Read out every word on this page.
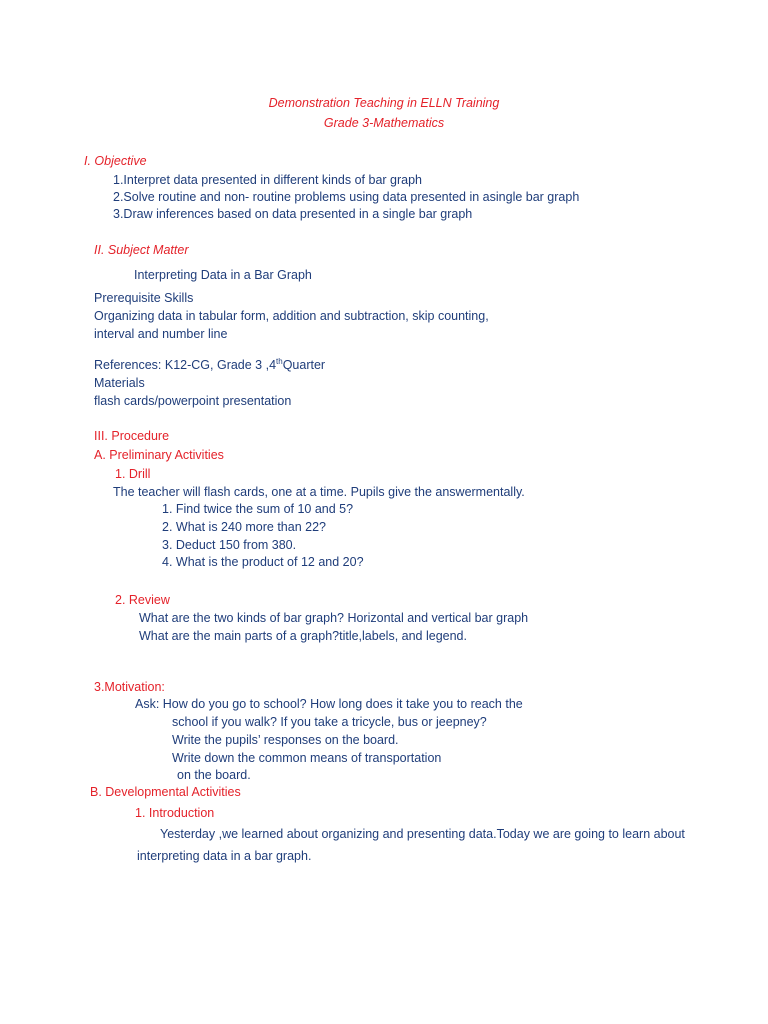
Demonstration Teaching in ELLN Training

Grade 3-Mathematics

I. Objective

1.Interpret data presented in different kinds of bar graph

2.Solve routine and non- routine problems using data presented in asingle bar graph

3.Draw inferences based on data presented in a single bar graph

II. Subject Matter

Interpreting Data in a Bar Graph

Prerequisite Skills

Organizing data in tabular form, addition and subtraction, skip counting,

interval and number line

References: K12-CG, Grade 3 ,4thQuarter

Materials

flash cards/powerpoint presentation

III. Procedure

A. Preliminary Activities

1. Drill

The teacher will flash cards, one at a time. Pupils give the answermentally.

1. Find twice the sum of 10 and 5?

2. What is 240 more than 22?

3. Deduct 150 from 380.

4. What is the product of 12 and 20?

2. Review

What are the two kinds of bar graph? Horizontal and vertical bar graph

What are the main parts of a graph?title,labels, and legend.

3.Motivation:

Ask: How do you go to school? How long does it take you to reach the

school if you walk? If you take a tricycle, bus or jeepney?

Write the pupils’ responses on the board.

Write down the common means of transportation

on the board.

B. Developmental Activities

1. Introduction

Yesterday ,we learned about organizing and presenting data.Today we are going to learn about

interpreting data in a bar graph.
